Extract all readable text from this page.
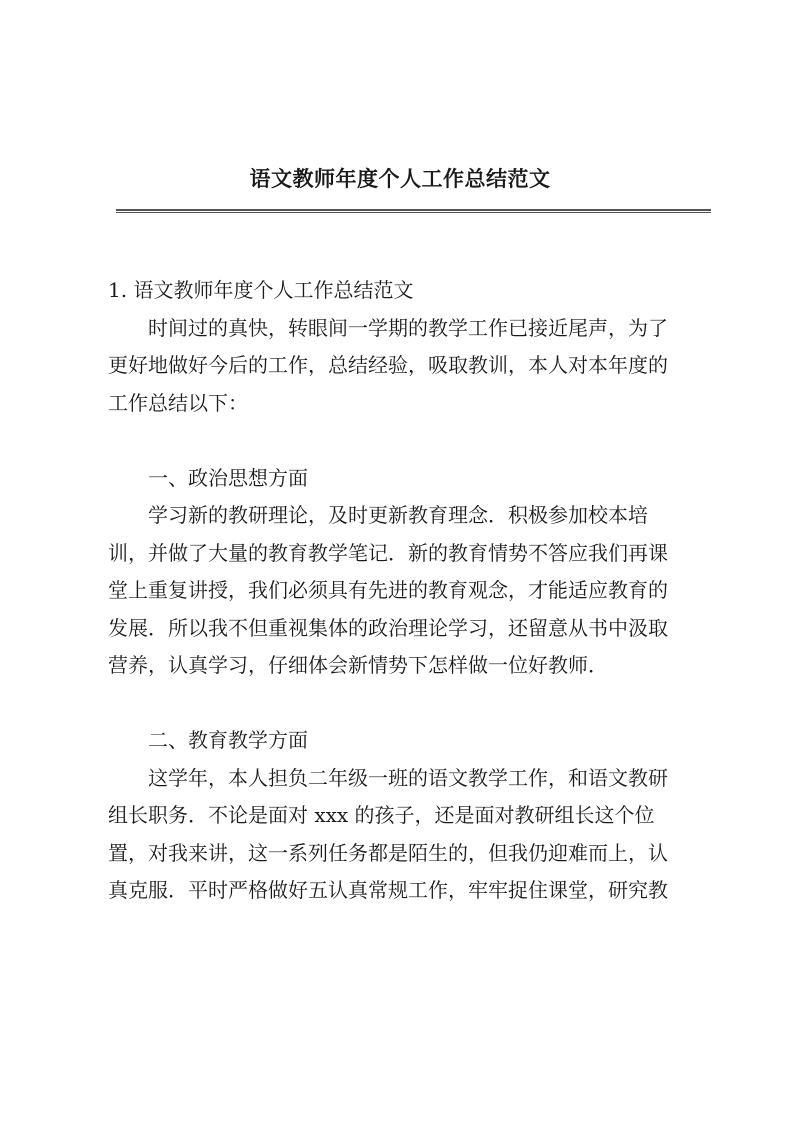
语文教师年度个人工作总结范文
1. 语文教师年度个人工作总结范文
时间过的真快，转眼间一学期的教学工作已接近尾声，为了
更好地做好今后的工作，总结经验，吸取教训，本人对本年度的
工作总结以下：
一、政治思想方面
学习新的教研理论，及时更新教育理念．积极参加校本培
训，并做了大量的教育教学笔记．新的教育情势不答应我们再课
堂上重复讲授，我们必须具有先进的教育观念，才能适应教育的
发展．所以我不但重视集体的政治理论学习，还留意从书中汲取
营养，认真学习，仔细体会新情势下怎样做一位好教师．
二、教育教学方面
这学年，本人担负二年级一班的语文教学工作，和语文教研
组长职务．不论是面对 xxx 的孩子，还是面对教研组长这个位
置，对我来讲，这一系列任务都是陌生的，但我仍迎难而上，认
真克服．平时严格做好五认真常规工作，牢牢捉住课堂，研究教
